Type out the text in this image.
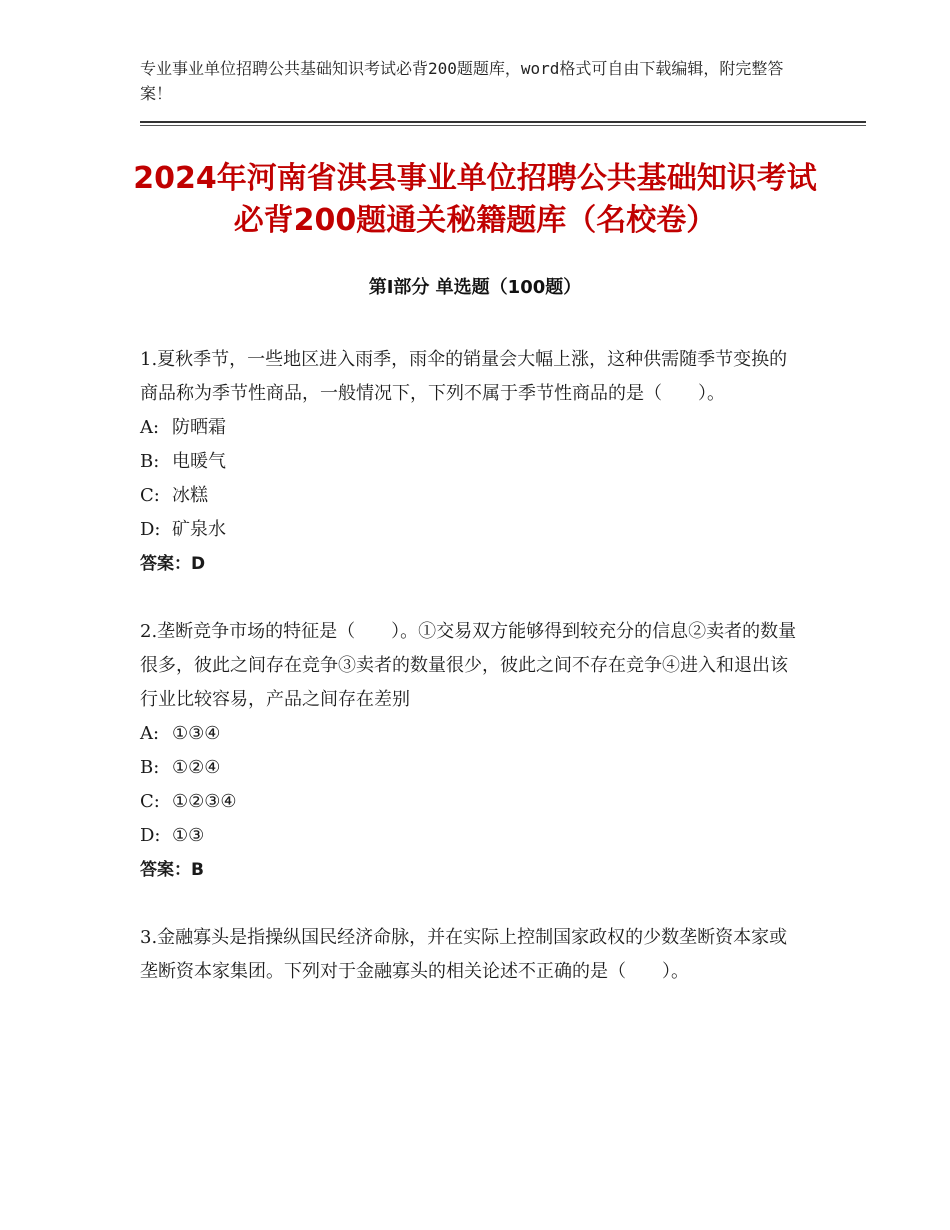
专业事业单位招聘公共基础知识考试必背200题题库，word格式可自由下载编辑，附完整答案！
2024年河南省淇县事业单位招聘公共基础知识考试必背200题通关秘籍题库（名校卷）
第Ⅰ部分 单选题（100题）

1.夏秋季节，一些地区进入雨季，雨伞的销量会大幅上涨，这种供需随季节变换的商品称为季节性商品，一般情况下，下列不属于季节性商品的是（　　）。

A: 防晒霜
B: 电暖气
C: 冰糕
D: 矿泉水

答案：D

2.垄断竞争市场的特征是（　　）。①交易双方能够得到较充分的信息②卖者的数量很多，彼此之间存在竞争③卖者的数量很少，彼此之间不存在竞争④进入和退出该行业比较容易，产品之间存在差别

A: ①③④
B: ①②④
C: ①②③④
D: ①③

答案：B

3.金融寡头是指操纵国民经济命脉，并在实际上控制国家政权的少数垄断资本家或垄断资本家集团。下列对于金融寡头的相关论述不正确的是（　　）。
